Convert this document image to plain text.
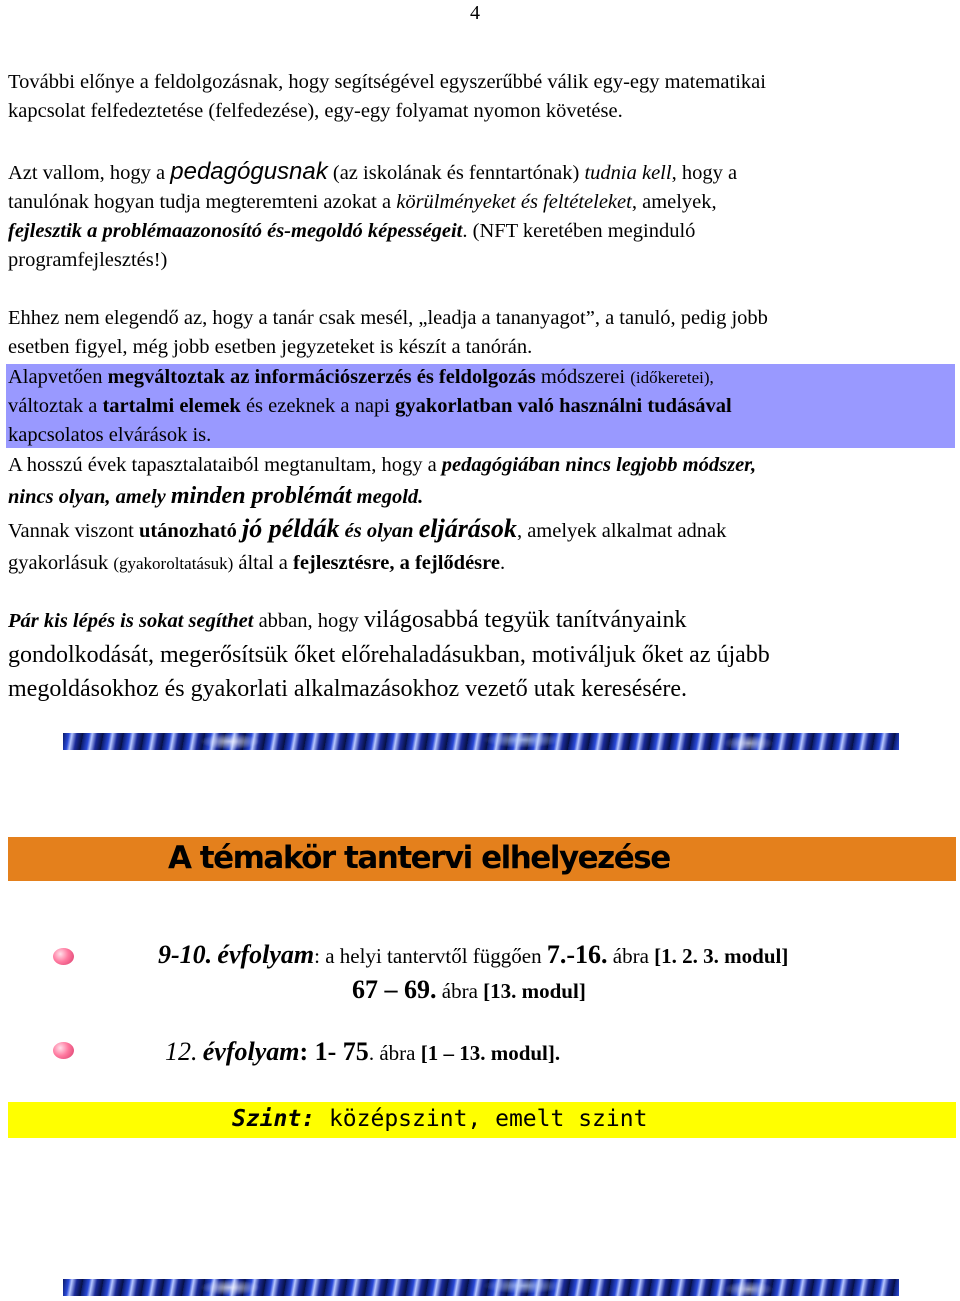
4
További előnye a feldolgozásnak, hogy segítségével egyszerűbbé válik egy-egy matematikai
kapcsolat felfedeztetése (felfedezése), egy-egy folyamat nyomon követése.
Azt vallom, hogy a pedagógusnak (az iskolának és fenntartónak) tudnia kell, hogy a
tanulónak hogyan tudja megteremteni azokat a körülményeket és feltételeket, amelyek,
fejlesztik a problémaazonosító és-megoldó képességeit. (NFT keretében meginduló
programfejlesztés!)
Ehhez nem elegendő az, hogy a tanár csak mesél, „leadja a tananyagot”, a tanuló, pedig jobb
esetben figyel, még jobb esetben jegyzeteket is készít a tanórán.
Alapvetően megváltoztak az információszerzés és feldolgozás módszerei (időkeretei),
változtak a tartalmi elemek és ezeknek a napi gyakorlatban való használni tudásával
kapcsolatos elvárások is.
A hosszú évek tapasztalataiból megtanultam, hogy a pedagógiában nincs legjobb módszer,
nincs olyan, amely minden problémát megold.
Vannak viszont utánozható jó példák és olyan eljárások, amelyek alkalmat adnak
gyakorlásuk (gyakoroltatásuk) által a fejlesztésre, a fejlődésre.
Pár kis lépés is sokat segíthet abban, hogy világosabbá tegyük tanítványaink
gondolkodását, megerősítsük őket előrehaladásukban, motiváljuk őket az újabb
megoldásokhoz és gyakorlati alkalmazásokhoz vezető utak keresésére.
A témakör tantervi elhelyezése
9-10. évfolyam: a helyi tantervtől függően 7.-16. ábra [1. 2. 3. modul]
67 – 69. ábra [13. modul]
12. évfolyam: 1- 75. ábra [1 – 13. modul].
Szint: középszint, emelt szint
